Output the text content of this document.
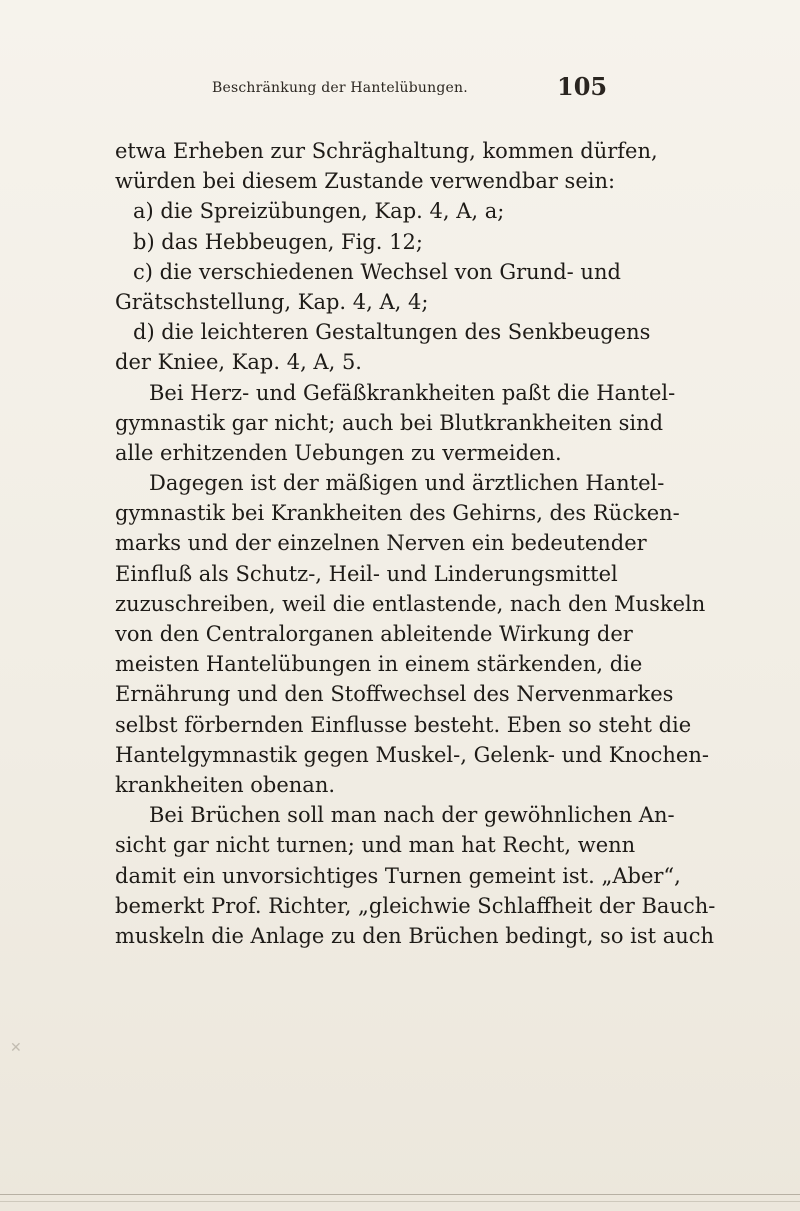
Beschränkung der Hantelübungen.	105
etwa Erheben zur Schräghaltung, kommen dürfen,
würden bei diesem Zustande verwendbar sein:
a) die Spreizübungen, Kap. 4, A, a;
b) das Hebbeugen, Fig. 12;
c) die verschiedenen Wechsel von Grund- und
Grätschstellung, Kap. 4, A, 4;
d) die leichteren Gestaltungen des Senkbeugens
der Kniee, Kap. 4, A, 5.
Bei Herz- und Gefäßkrankheiten paßt die Hantel-
gymnastik gar nicht; auch bei Blutkrankheiten sind
alle erhitzenden Uebungen zu vermeiden.
Dagegen ist der mäßigen und ärztlichen Hantel-
gymnastik bei Krankheiten des Gehirns, des Rücken-
marks und der einzelnen Nerven ein bedeutender
Einfluß als Schutz-, Heil- und Linderungsmittel
zuzuschreiben, weil die entlastende, nach den Muskeln
von den Centralorganen ableitende Wirkung der
meisten Hantelübungen in einem stärkenden, die
Ernährung und den Stoffwechsel des Nervenmarkes
selbst förbernden Einflusse besteht. Eben so steht die
Hantelgymnastik gegen Muskel-, Gelenk- und Knochen-
krankheiten obenan.
Bei Brüchen soll man nach der gewöhnlichen An-
sicht gar nicht turnen; und man hat Recht, wenn
damit ein unvorsichtiges Turnen gemeint ist. „Aber“,
bemerkt Prof. Richter, „gleichwie Schlaffheit der Bauch-
muskeln die Anlage zu den Brüchen bedingt, so ist auch
✕
